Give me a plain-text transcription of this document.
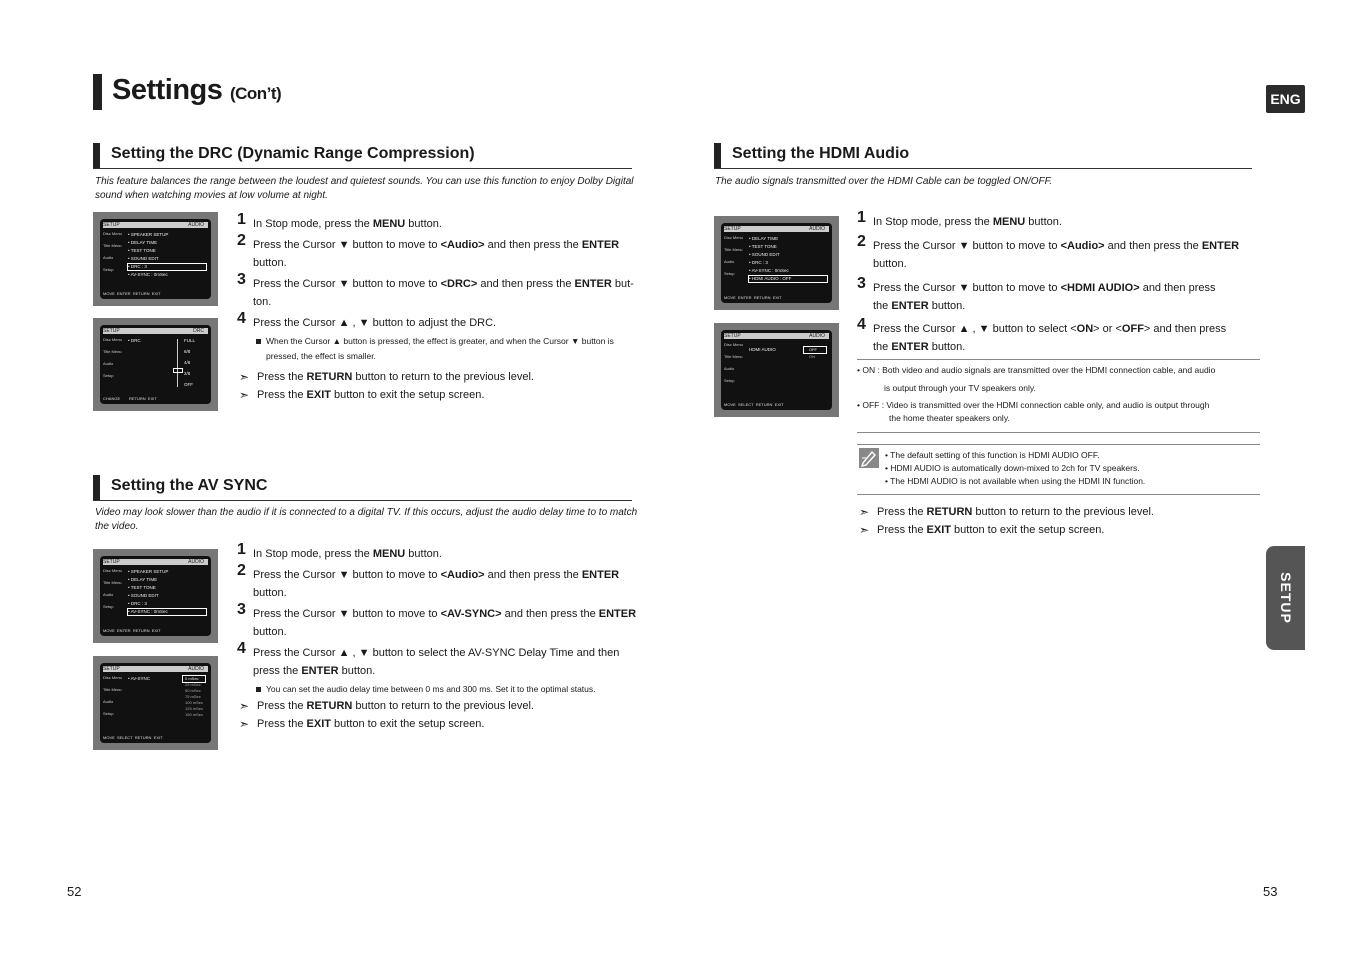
Settings (Con’t)	ENG
SETUP
Setting the DRC (Dynamic Range Compression)
This feature balances the range between the loudest and quietest sounds. You can use this function to enjoy Dolby Digital
sound when watching movies at low volume at night.
SETUP	AUDIO
Disc Menu
Title Menu
Audio
Setup
• SPEAKER SETUP
• DELAY TIME
• TEST TONE
• SOUND EDIT
• DRC : 3
• AV-SYNC : 0mSec
MOVE ENTER RETURN EXIT
SETUP	DRC
Disc Menu
Title Menu
Audio
Setup
• DRC	FULL
6/8
4/8
2/8
OFF
CHANGE RETURN EXIT
1 In Stop mode, press the MENU button.
2 Press the Cursor ▼ button to move to <Audio> and then press the ENTER button.
3 Press the Cursor ▼ button to move to <DRC> and then press the ENTER but-
ton.
4 Press the Cursor ▲ , ▼ button to adjust the DRC.
When the Cursor ▲ button is pressed, the effect is greater, and when the Cursor ▼ button is
pressed, the effect is smaller.
➣ Press the RETURN button to return to the previous level.
➣ Press the EXIT button to exit the setup screen.
Setting the AV SYNC
Video may look slower than the audio if it is connected to a digital TV. If this occurs, adjust the audio delay time to to match
the video.
SETUP	AUDIO
Disc Menu
Title Menu
Audio
Setup
• SPEAKER SETUP
• DELAY TIME
• TEST TONE
• SOUND EDIT
• DRC : 3
• AV-SYNC : 0mSec
MOVE ENTER RETURN EXIT
SETUP	AUDIO
Disc Menu
Title Menu
Audio
Setup
• AV-SYNC	0 mSec
25 mSec
50 mSec
75 mSec
100 mSec
125 mSec
150 mSec
MOVE SELECT RETURN EXIT
1 In Stop mode, press the MENU button.
2 Press the Cursor ▼ button to move to <Audio> and then press the ENTER button.
3 Press the Cursor ▼ button to move to <AV-SYNC> and then press the ENTER
button.
4 Press the Cursor ▲ , ▼ button to select the AV-SYNC Delay Time and then
press the ENTER button.
You can set the audio delay time between 0 ms and 300 ms. Set it to the optimal status.
➣ Press the RETURN button to return to the previous level.
➣ Press the EXIT button to exit the setup screen.
Setting the HDMI Audio
The audio signals transmitted over the HDMI Cable can be toggled ON/OFF.
SETUP	AUDIO
Disc Menu
Title Menu
Audio
Setup
• DELAY TIME
• TEST TONE
• SOUND EDIT
• DRC : 3
• AV-SYNC : 0mSec
• HDMI AUDIO : OFF
MOVE ENTER RETURN EXIT
SETUP	AUDIO
Disc Menu
Title Menu
Audio
Setup
HDMI AUDIO	OFF
ON
MOVE SELECT RETURN EXIT
1 In Stop mode, press the MENU button.
2 Press the Cursor ▼ button to move to <Audio> and then press the ENTER button.
3 Press the Cursor ▼ button to move to <HDMI AUDIO> and then press
the ENTER button.
4 Press the Cursor ▲ , ▼ button to select <ON> or <OFF> and then press
the ENTER button.
• ON : Both video and audio signals are transmitted over the HDMI connection cable, and audio
is output through your TV speakers only.
• OFF : Video is transmitted over the HDMI connection cable only, and audio is output through
the home theater speakers only.
• The default setting of this function is HDMI AUDIO OFF.
• HDMI AUDIO is automatically down-mixed to 2ch for TV speakers.
• The HDMI AUDIO is not available when using the HDMI IN function.
➣ Press the RETURN button to return to the previous level.
➣ Press the EXIT button to exit the setup screen.
52	53
